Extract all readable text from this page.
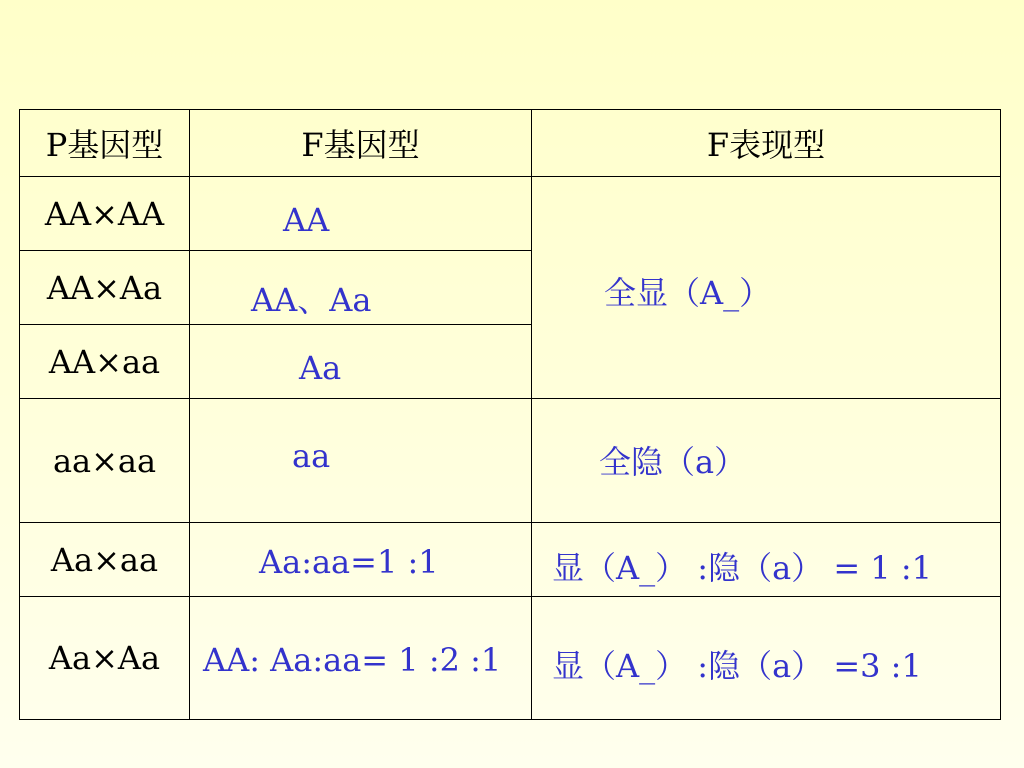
P基因型	F基因型	F表现型
AA×AA	AA	全显（A_）

AA×Aa	AA、Aa	

AA×aa	Aa	

aa×aa	aa	全隐（a）

Aa×aa	Aa:aa=1 :1	显（A_） :隐（a） = 1 :1

Aa×Aa	AA: Aa:aa= 1 :2 :1	显（A_） :隐（a） =3 :1
